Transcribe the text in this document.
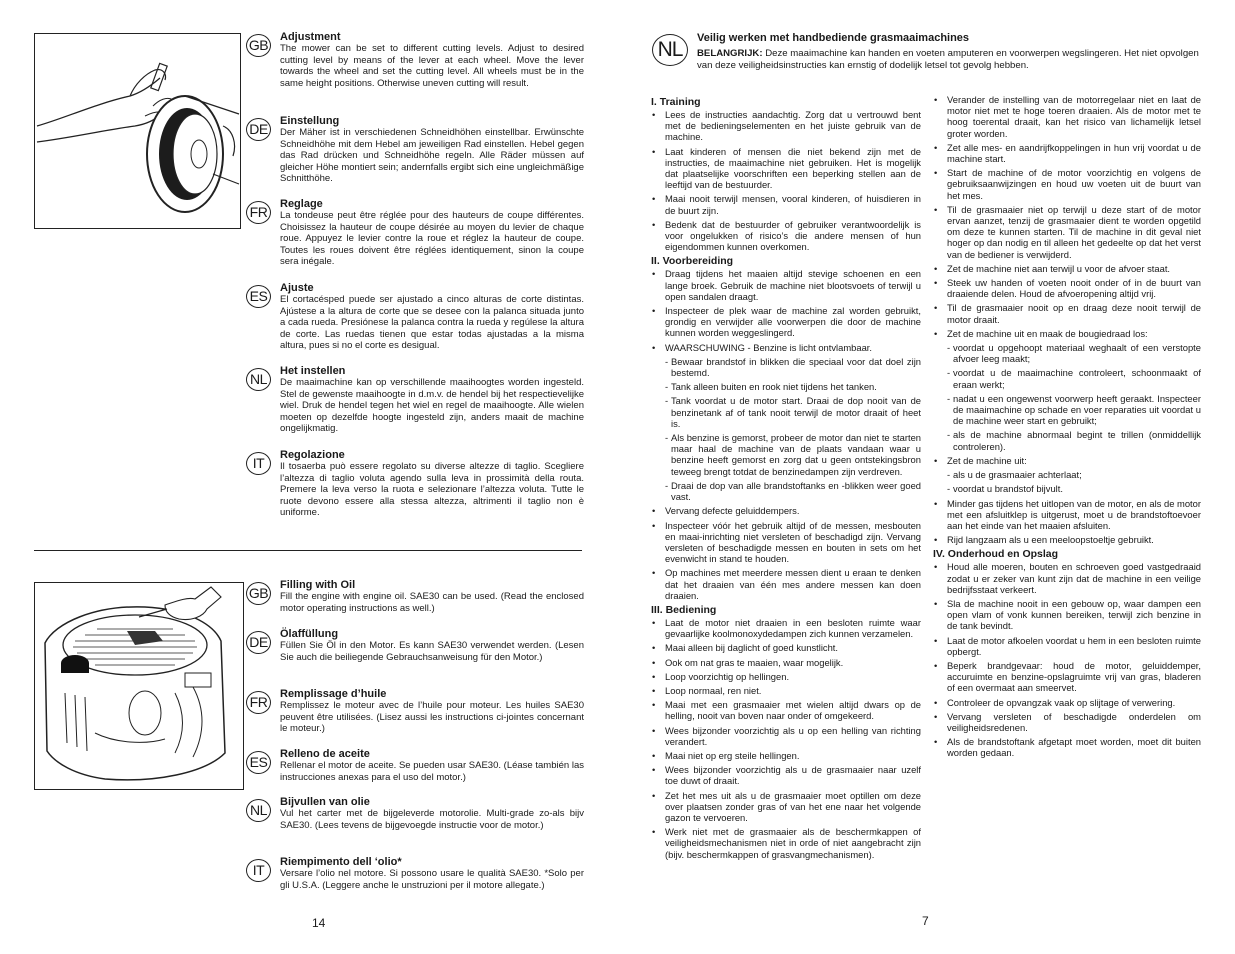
GB Adjustment

The mower can be set to different cutting levels. Adjust to desired cutting level by means of the lever at each wheel. Move the lever towards the wheel and set the cutting level. All wheels must be in the same height positions. Otherwise uneven cutting will result.

DE Einstellung

Der Mäher ist in verschiedenen Schneidhöhen einstellbar. Erwünschte Schneidhöhe mit dem Hebel am jeweiligen Rad einstellen. Hebel gegen das Rad drücken und Schneidhöhe regeln. Alle Räder müssen auf gleicher Höhe montiert sein; andernfalls ergibt sich eine ungleichmäßige Schnitthöhe.

FR	Reglage

La tondeuse peut être réglée pour des hauteurs de coupe différentes. Choisissez la hauteur de coupe désirée au moyen du levier de chaque roue. Appuyez le levier contre la roue et réglez la hauteur de coupe. Toutes les roues doivent être réglées identiquement, sinon la coupe sera inégale.

ES	Ajuste

El cortacésped puede ser ajustado a cinco alturas de corte distintas. Ajústese a la altura de corte que se desee con la palanca situada junto a cada rueda. Presiónese la palanca contra la rueda y regúlese la altura de corte. Las ruedas tienen que estar todas ajustadas a la misma altura, pues si no el corte es desigual.

NL	Het instellen

De maaimachine kan op verschillende maaihoogtes worden ingesteld. Stel de gewenste maaihoogte in d.m.v. de hendel bij het respectievelijke wiel. Druk de hendel tegen het wiel en regel de maaihoogte. Alle wielen moeten op dezelfde hoogte ingesteld zijn, anders maait de machine ongelijkmatig.

IT	Regolazione

Il tosaerba può essere regolato su diverse altezze di taglio. Scegliere l’altezza di taglio voluta agendo sulla leva in prossimità della routa. Premere la leva verso la ruota e selezionare l’altezza voluta. Tutte le ruote devono essere alla stessa altezza, altrimenti il taglio non è uniforme.

GB Filling with Oil

Fill the engine with engine oil. SAE30 can be used. (Read the enclosed motor operating instructions as well.)

DE Ölaffüllung

Füllen Sie Öl in den Motor. Es kann SAE30 verwendet werden. (Lesen Sie auch die beiliegende Gebrauchsanweisung für den Motor.)

FR	Remplissage d’huile

Remplissez le moteur avec de l’huile pour moteur. Les huiles SAE30 peuvent être utilisées. (Lisez aussi les instructions ci-jointes concernant le moteur.)

ES	Relleno de aceite

Rellenar el motor de aceite. Se pueden usar SAE30. (Léase también las instrucciones anexas para el uso del motor.)

NL	Bijvullen van olie

Vul het carter met de bijgeleverde motorolie. Multi-grade zo-als bijv SAE30. (Lees tevens de bijgevoegde instructie voor de motor.)

IT	Riempimento dell ‘olio*

Versare l’olio nel motore. Si possono usare le qualità SAE30. *Solo per gli U.S.A. (Leggere anche le unstruzioni per il motore allegate.)

14
NL	Veilig werken met handbediende grasmaaimachines
BELANGRIJK: Deze maaimachine kan handen en voeten amputeren en voorwerpen wegslingeren. Het niet opvolgen van deze veiligheidsinstructies kan ernstig of dodelijk letsel tot gevolg hebben.
I. Training
• Lees de instructies aandachtig. Zorg dat u vertrouwd bent met de bedieningselementen en het juiste gebruik van de machine.
• Laat kinderen of mensen die niet bekend zijn met de instructies, de maaimachine niet gebruiken. Het is mogelijk dat plaatselijke voorschriften een beperking stellen aan de leeftijd van de bestuurder.
• Maai nooit terwijl mensen, vooral kinderen, of huisdieren in de buurt zijn.
• Bedenk dat de bestuurder of gebruiker verantwoordelijk is voor ongelukken of risico’s die andere mensen of hun eigendommen kunnen overkomen.
II. Voorbereiding
• Draag tijdens het maaien altijd stevige schoenen en een lange broek. Gebruik de machine niet blootsvoets of terwijl u open sandalen draagt.
• Inspecteer de plek waar de machine zal worden gebruikt, grondig en verwijder alle voorwerpen die door de machine kunnen worden weggeslingerd.
• WAARSCHUWING - Benzine is licht ontvlambaar.
- Bewaar brandstof in blikken die speciaal voor dat doel zijn bestemd.
- Tank alleen buiten en rook niet tijdens het tanken.
- Tank voordat u de motor start. Draai de dop nooit van de benzinetank af of tank nooit terwijl de motor draait of heet is.
- Als benzine is gemorst, probeer de motor dan niet te starten maar haal de machine van de plaats vandaan waar u benzine heeft gemorst en zorg dat u geen ontstekingsbron teweeg brengt totdat de benzinedampen zijn verdreven.
- Draai de dop van alle brandstoftanks en -blikken weer goed vast.
• Vervang defecte geluiddempers.
• Inspecteer vóór het gebruik altijd of de messen, mesbouten en maai-inrichting niet versleten of beschadigd zijn. Vervang versleten of beschadigde messen en bouten in sets om het evenwicht in stand te houden.
• Op machines met meerdere messen dient u eraan te denken dat het draaien van één mes andere messen kan doen draaien.
III. Bediening
• Laat de motor niet draaien in een besloten ruimte waar gevaarlijke koolmonoxydedampen zich kunnen verzamelen.
• Maai alleen bij daglicht of goed kunstlicht.
• Ook om nat gras te maaien, waar mogelijk.
• Loop voorzichtig op hellingen.
• Loop normaal, ren niet.
• Maai met een grasmaaier met wielen altijd dwars op de helling, nooit van boven naar onder of omgekeerd.
• Wees bijzonder voorzichtig als u op een helling van richting verandert.
• Maai niet op erg steile hellingen.
• Wees bijzonder voorzichtig als u de grasmaaier naar uzelf toe duwt of draait.
• Zet het mes uit als u de grasmaaier moet optillen om deze over plaatsen zonder gras of van het ene naar het volgende gazon te vervoeren.
• Werk niet met de grasmaaier als de beschermkappen of veiligheidsmechanismen niet in orde of niet aangebracht zijn (bijv. beschermkappen of grasvangmechanismen).
• Verander de instelling van de motorregelaar niet en laat de motor niet met te hoge toeren draaien. Als de motor met te hoog toerental draait, kan het risico van lichamelijk letsel groter worden.
• Zet alle mes- en aandrijfkoppelingen in hun vrij voordat u de machine start.
• Start de machine of de motor voorzichtig en volgens de gebruiksaanwijzingen en houd uw voeten uit de buurt van het mes.
• Til de grasmaaier niet op terwijl u deze start of de motor ervan aanzet, tenzij de grasmaaier dient te worden opgetild om deze te kunnen starten. Til de machine in dit geval niet hoger op dan nodig en til alleen het gedeelte op dat het verst van de bediener is verwijderd.
• Zet de machine niet aan terwijl u voor de afvoer staat.
• Steek uw handen of voeten nooit onder of in de buurt van draaiende delen. Houd de afvoeropening altijd vrij.
• Til de grasmaaier nooit op en draag deze nooit terwijl de motor draait.
• Zet de machine uit en maak de bougiedraad los:
- voordat u opgehoopt materiaal weghaalt of een verstopte afvoer leeg maakt;
- voordat u de maaimachine controleert, schoonmaakt of eraan werkt;
- nadat u een ongewenst voorwerp heeft geraakt. Inspecteer de maaimachine op schade en voer reparaties uit voordat u de machine weer start en gebruikt;
- als de machine abnormaal begint te trillen (onmiddellijk controleren).
• Zet de machine uit:
- als u de grasmaaier achterlaat;
- voordat u brandstof bijvult.
• Minder gas tijdens het uitlopen van de motor, en als de motor met een afsluitklep is uitgerust, moet u de brandstoftoevoer aan het einde van het maaien afsluiten.
• Rijd langzaam als u een meeloopstoeltje gebruikt.
IV. Onderhoud en Opslag
• Houd alle moeren, bouten en schroeven goed vastgedraaid zodat u er zeker van kunt zijn dat de machine in een veilige bedrijfsstaat verkeert.
• Sla de machine nooit in een gebouw op, waar dampen een open vlam of vonk kunnen bereiken, terwijl zich benzine in de tank bevindt.
• Laat de motor afkoelen voordat u hem in een besloten ruimte opbergt.
• Beperk brandgevaar: houd de motor, geluiddemper, accuruimte en benzine-opslagruimte vrij van gras, bladeren of een overmaat aan smeervet.
• Controleer de opvangzak vaak op slijtage of verwering.
• Vervang versleten of beschadigde onderdelen om veiligheidsredenen.
• Als de brandstoftank afgetapt moet worden, moet dit buiten worden gedaan.
7
